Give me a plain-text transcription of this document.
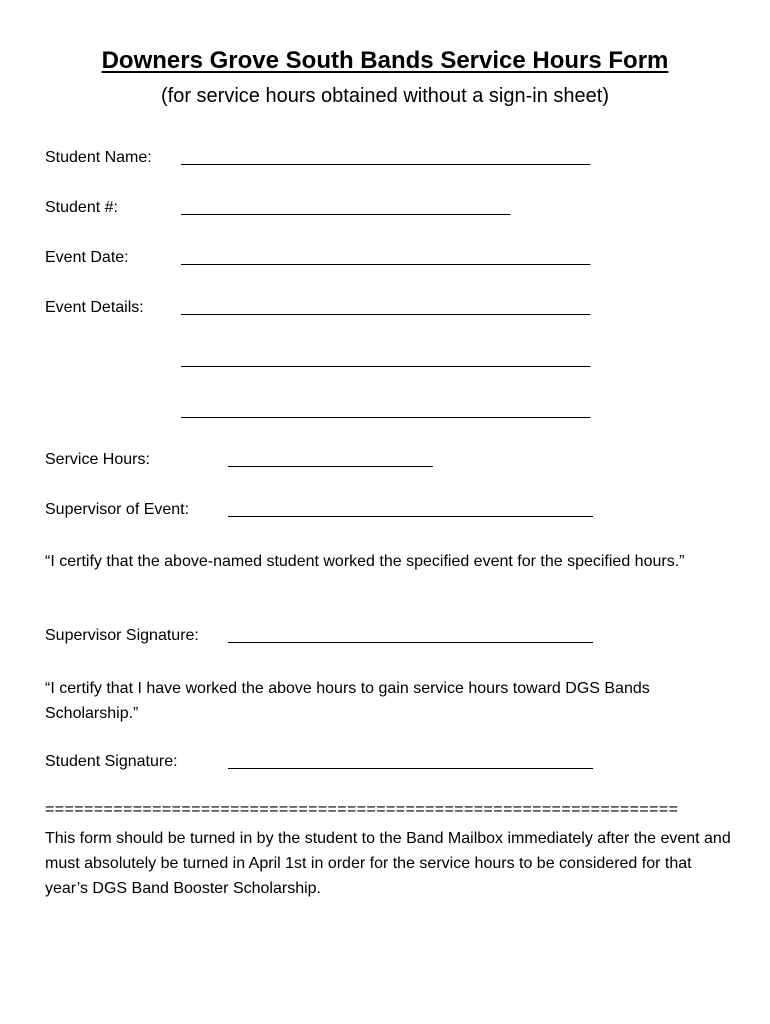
Downers Grove South Bands Service Hours Form
(for service hours obtained without a sign-in sheet)
Student Name: ______________________________________________
Student #:	_____________________________________
Event Date:	______________________________________________
Event Details: ______________________________________________
______________________________________________
______________________________________________
Service Hours:	_______________________
Supervisor of Event: _________________________________________
“I certify that the above-named student worked the specified event for the specified hours.”
Supervisor Signature: _________________________________________
“I certify that I have worked the above hours to gain service hours toward DGS Bands Scholarship.”
Student Signature:	_________________________________________
=================================================================
This form should be turned in by the student to the Band Mailbox immediately after the event and must absolutely be turned in April 1st in order for the service hours to be considered for that year’s DGS Band Booster Scholarship.
